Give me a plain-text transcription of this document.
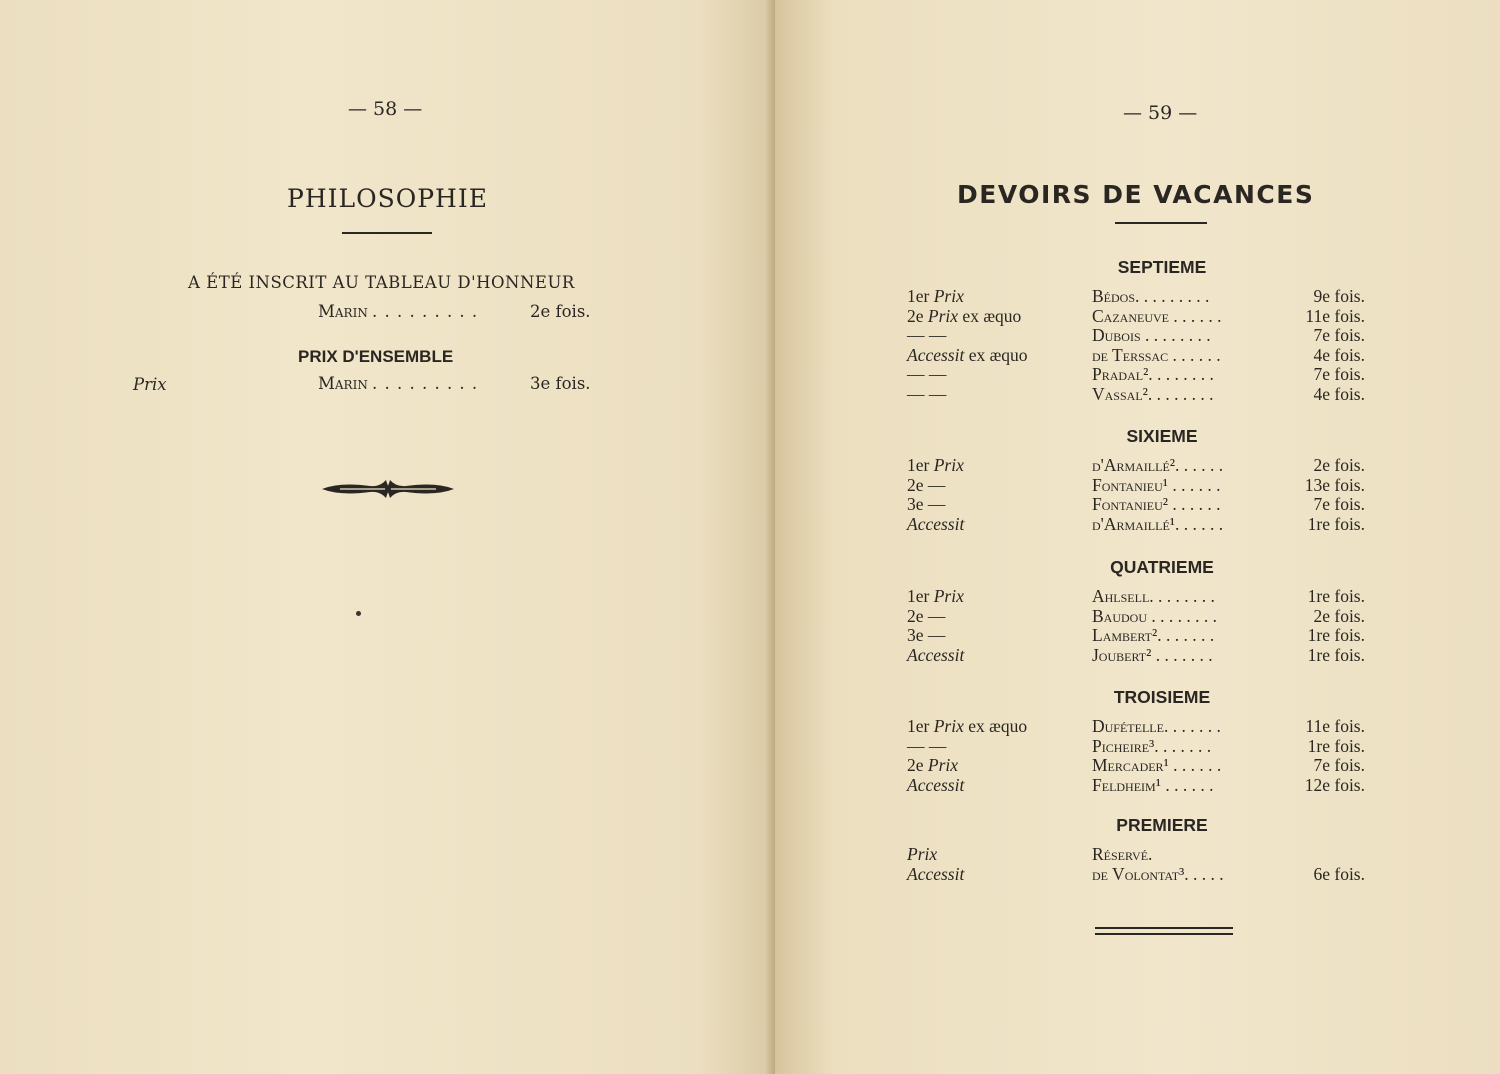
— 58 —
PHILOSOPHIE
A ÉTÉ INSCRIT AU TABLEAU D'HONNEUR
Marin . . . . . . . . .	2e fois.
PRIX D'ENSEMBLE
Prix	Marin . . . . . . . . .	3e fois.
— 59 —
DEVOIRS DE VACANCES
SEPTIEME
1er Prix	Bédos. . . . . . . . .	9e fois.
2e Prix ex æquo	Cazaneuve . . . . . .	11e fois.
— —	Dubois . . . . . . . .	7e fois.
Accessit ex æquo	de Terssac . . . . . .	4e fois.
— —	Pradal². . . . . . . .	7e fois.
— —	Vassal². . . . . . . .	4e fois.
SIXIEME
1er Prix	d'Armaillé². . . . . .	2e fois.
2e —	Fontanieu¹ . . . . . .	13e fois.
3e —	Fontanieu² . . . . . .	7e fois.
Accessit	d'Armaillé¹. . . . . .	1re fois.
QUATRIEME
1er Prix	Ahlsell. . . . . . . .	1re fois.
2e —	Baudou . . . . . . . .	2e fois.
3e —	Lambert². . . . . . .	1re fois.
Accessit	Joubert² . . . . . . .	1re fois.
TROISIEME
1er Prix ex æquo	Dufételle. . . . . . .	11e fois.
— —	Picheire³. . . . . . .	1re fois.
2e Prix	Mercader¹ . . . . . .	7e fois.
Accessit	Feldheim¹ . . . . . .	12e fois.
PREMIERE
Prix	Réservé.
Accessit	de Volontat³. . . . .	6e fois.
